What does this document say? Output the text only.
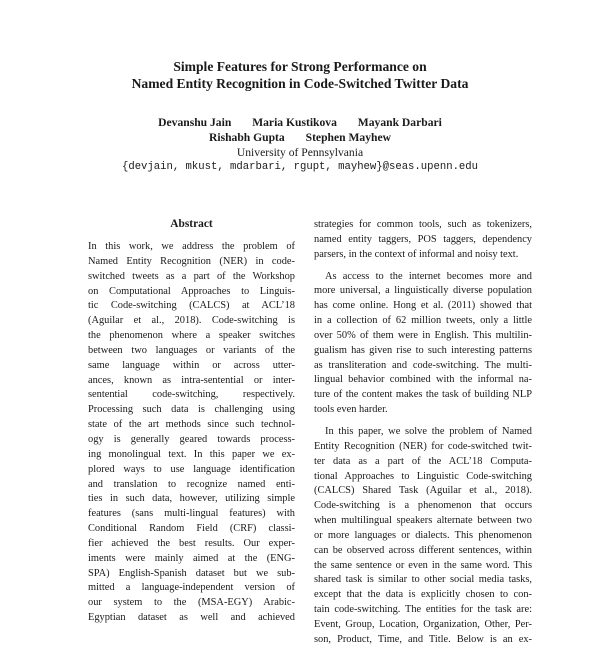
Simple Features for Strong Performance on
Named Entity Recognition in Code-Switched Twitter Data
Devanshu Jain Maria Kustikova Mayank Darbari
Rishabh Gupta Stephen Mayhew
University of Pennsylvania
{devjain, mkust, mdarbari, rgupt, mayhew}@seas.upenn.edu
Abstract
In this work, we address the problem of
Named Entity Recognition (NER) in code-
switched tweets as a part of the Workshop
on Computational Approaches to Linguis-
tic Code-switching (CALCS) at ACL’18
(Aguilar et al., 2018). Code-switching is
the phenomenon where a speaker switches
between two languages or variants of the
same language within or across utter-
ances, known as intra-sentential or inter-
sentential code-switching, respectively.
Processing such data is challenging using
state of the art methods since such technol-
ogy is generally geared towards process-
ing monolingual text. In this paper we ex-
plored ways to use language identification
and translation to recognize named enti-
ties in such data, however, utilizing simple
features (sans multi-lingual features) with
Conditional Random Field (CRF) classi-
fier achieved the best results. Our exper-
iments were mainly aimed at the (ENG-
SPA) English-Spanish dataset but we sub-
mitted a language-independent version of
our system to the (MSA-EGY) Arabic-
Egyptian dataset as well and achieved
strategies for common tools, such as tokenizers,
named entity taggers, POS taggers, dependency
parsers, in the context of informal and noisy text.
As access to the internet becomes more and
more universal, a linguistically diverse population
has come online. Hong et al. (2011) showed that
in a collection of 62 million tweets, only a little
over 50% of them were in English. This multilin-
gualism has given rise to such interesting patterns
as transliteration and code-switching. The multi-
lingual behavior combined with the informal na-
ture of the content makes the task of building NLP
tools even harder.
In this paper, we solve the problem of Named
Entity Recognition (NER) for code-switched twit-
ter data as a part of the ACL’18 Computa-
tional Approaches to Linguistic Code-switching
(CALCS) Shared Task (Aguilar et al., 2018).
Code-switching is a phenomenon that occurs
when multilingual speakers alternate between two
or more languages or dialects. This phenomenon
can be observed across different sentences, within
the same sentence or even in the same word. This
shared task is similar to other social media tasks,
except that the data is explicitly chosen to con-
tain code-switching. The entities for the task are:
Event, Group, Location, Organization, Other, Per-
son, Product, Time, and Title. Below is an ex-
